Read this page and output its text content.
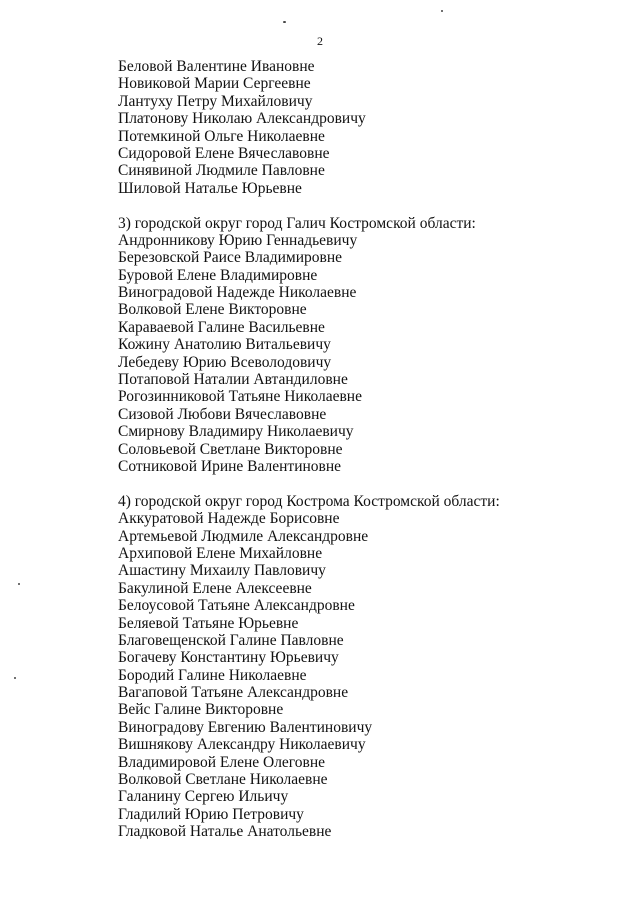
2
Беловой Валентине Ивановне
Новиковой Марии Сергеевне
Лантуху Петру Михайловичу
Платонову Николаю Александровичу
Потемкиной Ольге Николаевне
Сидоровой Елене Вячеславовне
Синявиной Людмиле Павловне
Шиловой Наталье Юрьевне
3) городской округ город Галич Костромской области:
Андронникову Юрию Геннадьевичу
Березовской Раисе Владимировне
Буровой Елене Владимировне
Виноградовой Надежде Николаевне
Волковой Елене Викторовне
Караваевой Галине Васильевне
Кожину Анатолию Витальевичу
Лебедеву Юрию Всеволодовичу
Потаповой Наталии Автандиловне
Рогозинниковой Татьяне Николаевне
Сизовой Любови Вячеславовне
Смирнову Владимиру Николаевичу
Соловьевой Светлане Викторовне
Сотниковой Ирине Валентиновне
4) городской округ город Кострома Костромской области:
Аккуратовой Надежде Борисовне
Артемьевой Людмиле Александровне
Архиповой Елене Михайловне
Ашастину Михаилу Павловичу
Бакулиной Елене Алексеевне
Белоусовой Татьяне Александровне
Беляевой Татьяне Юрьевне
Благовещенской Галине Павловне
Богачеву Константину Юрьевичу
Бородий Галине Николаевне
Вагаповой Татьяне Александровне
Вейс Галине Викторовне
Виноградову Евгению Валентиновичу
Вишнякову Александру Николаевичу
Владимировой Елене Олеговне
Волковой Светлане Николаевне
Галанину Сергею Ильичу
Гладилий Юрию Петровичу
Гладковой Наталье Анатольевне
